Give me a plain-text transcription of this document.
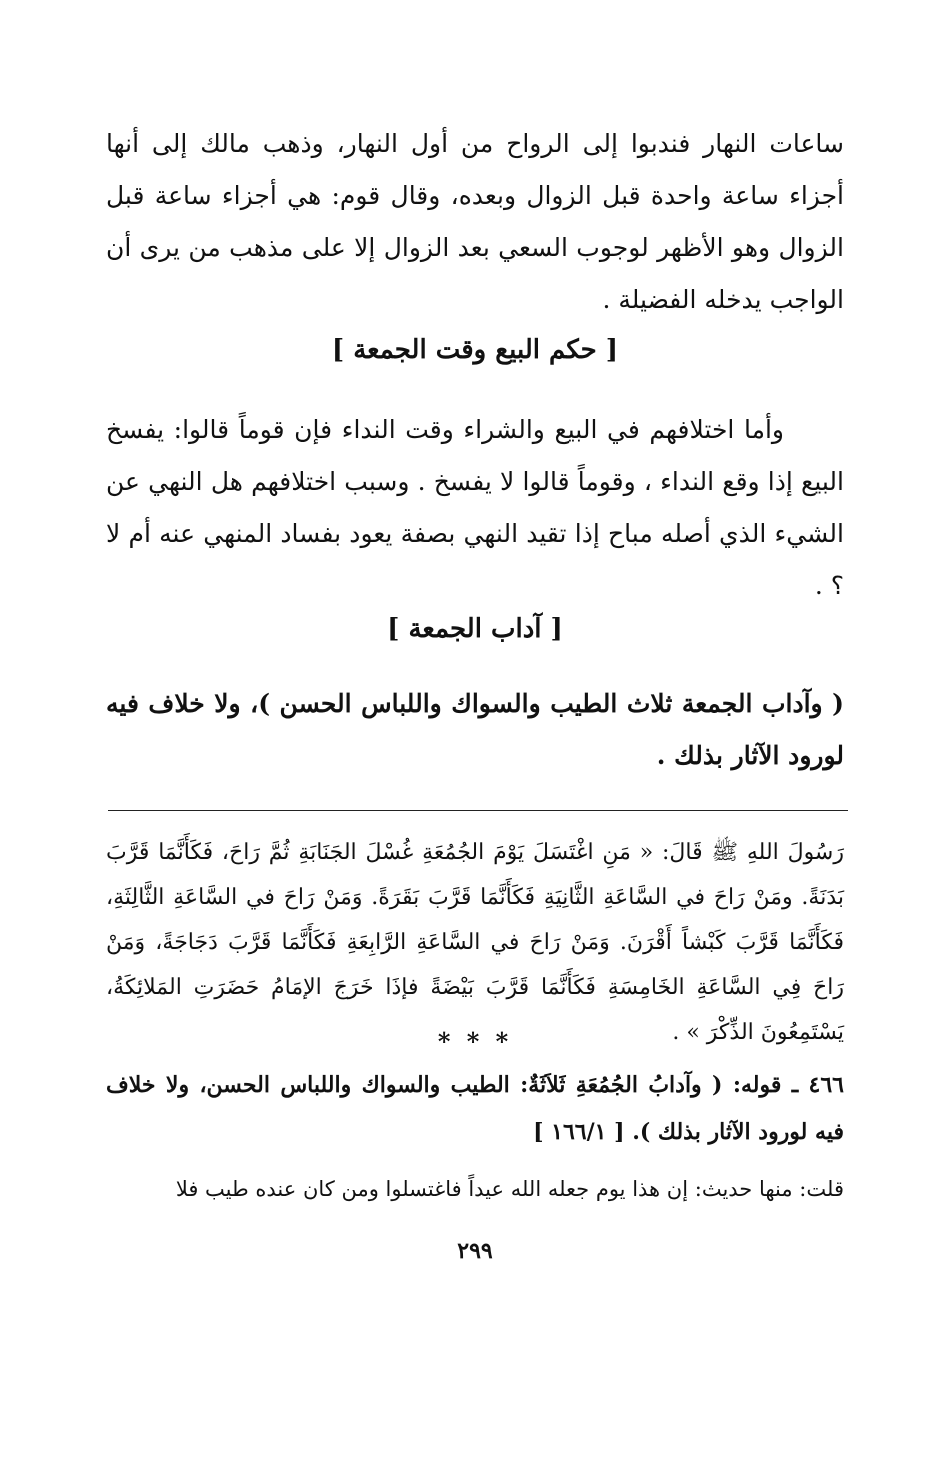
ساعات النهار فندبوا إلى الرواح من أول النهار، وذهب مالك إلى أنها أجزاء ساعة واحدة قبل الزوال وبعده، وقال قوم: هي أجزاء ساعة قبل الزوال وهو الأظهر لوجوب السعي بعد الزوال إلا على مذهب من يرى أن الواجب يدخله الفضيلة .

[ حكم البيع وقت الجمعة ]

وأما اختلافهم في البيع والشراء وقت النداء فإن قوماً قالوا: يفسخ البيع إذا وقع النداء ، وقوماً قالوا لا يفسخ . وسبب اختلافهم هل النهي عن الشيء الذي أصله مباح إذا تقيد النهي بصفة يعود بفساد المنهي عنه أم لا ؟ .

[ آداب الجمعة ]

( وآداب الجمعة ثلاث الطيب والسواك واللباس الحسن )، ولا خلاف فيه لورود الآثار بذلك .

رَسُولَ اللهِ ﷺ قَالَ: « مَنِ اغْتَسَلَ يَوْمَ الجُمُعَةِ غُسْلَ الجَنَابَةِ ثُمَّ رَاحَ، فَكَأَنَّمَا قَرَّبَ بَدَنَةً. ومَنْ رَاحَ في السَّاعَةِ الثَّانِيَةِ فَكَأَنَّمَا قَرَّبَ بَقَرَةً. وَمَنْ رَاحَ في السَّاعَةِ الثَّالِثَةِ، فَكَأَنَّمَا قَرَّبَ كَبْشاً أَقْرَنَ. وَمَنْ رَاحَ في السَّاعَةِ الرَّابِعَةِ فَكَأَنَّمَا قَرَّبَ دَجَاجَةً، وَمَنْ رَاحَ فِي السَّاعَةِ الخَامِسَةِ فَكَأَنَّمَا قَرَّبَ بَيْضَةً فإذَا خَرَجَ الإمَامُ حَضَرَتِ المَلائِكَةُ، يَسْتَمِعُونَ الذِّكْرَ » .

* * *

٤٦٦ ـ قوله: ( وآدابُ الجُمُعَةِ ثَلاَثَةٌ: الطيب والسواك واللباس الحسن، ولا خلاف فيه لورود الآثار بذلك ). [ ١٦٦/١ ]

قلت: منها حديث: إن هذا يوم جعله الله عيداً فاغتسلوا ومن كان عنده طيب فلا

٢٩٩
